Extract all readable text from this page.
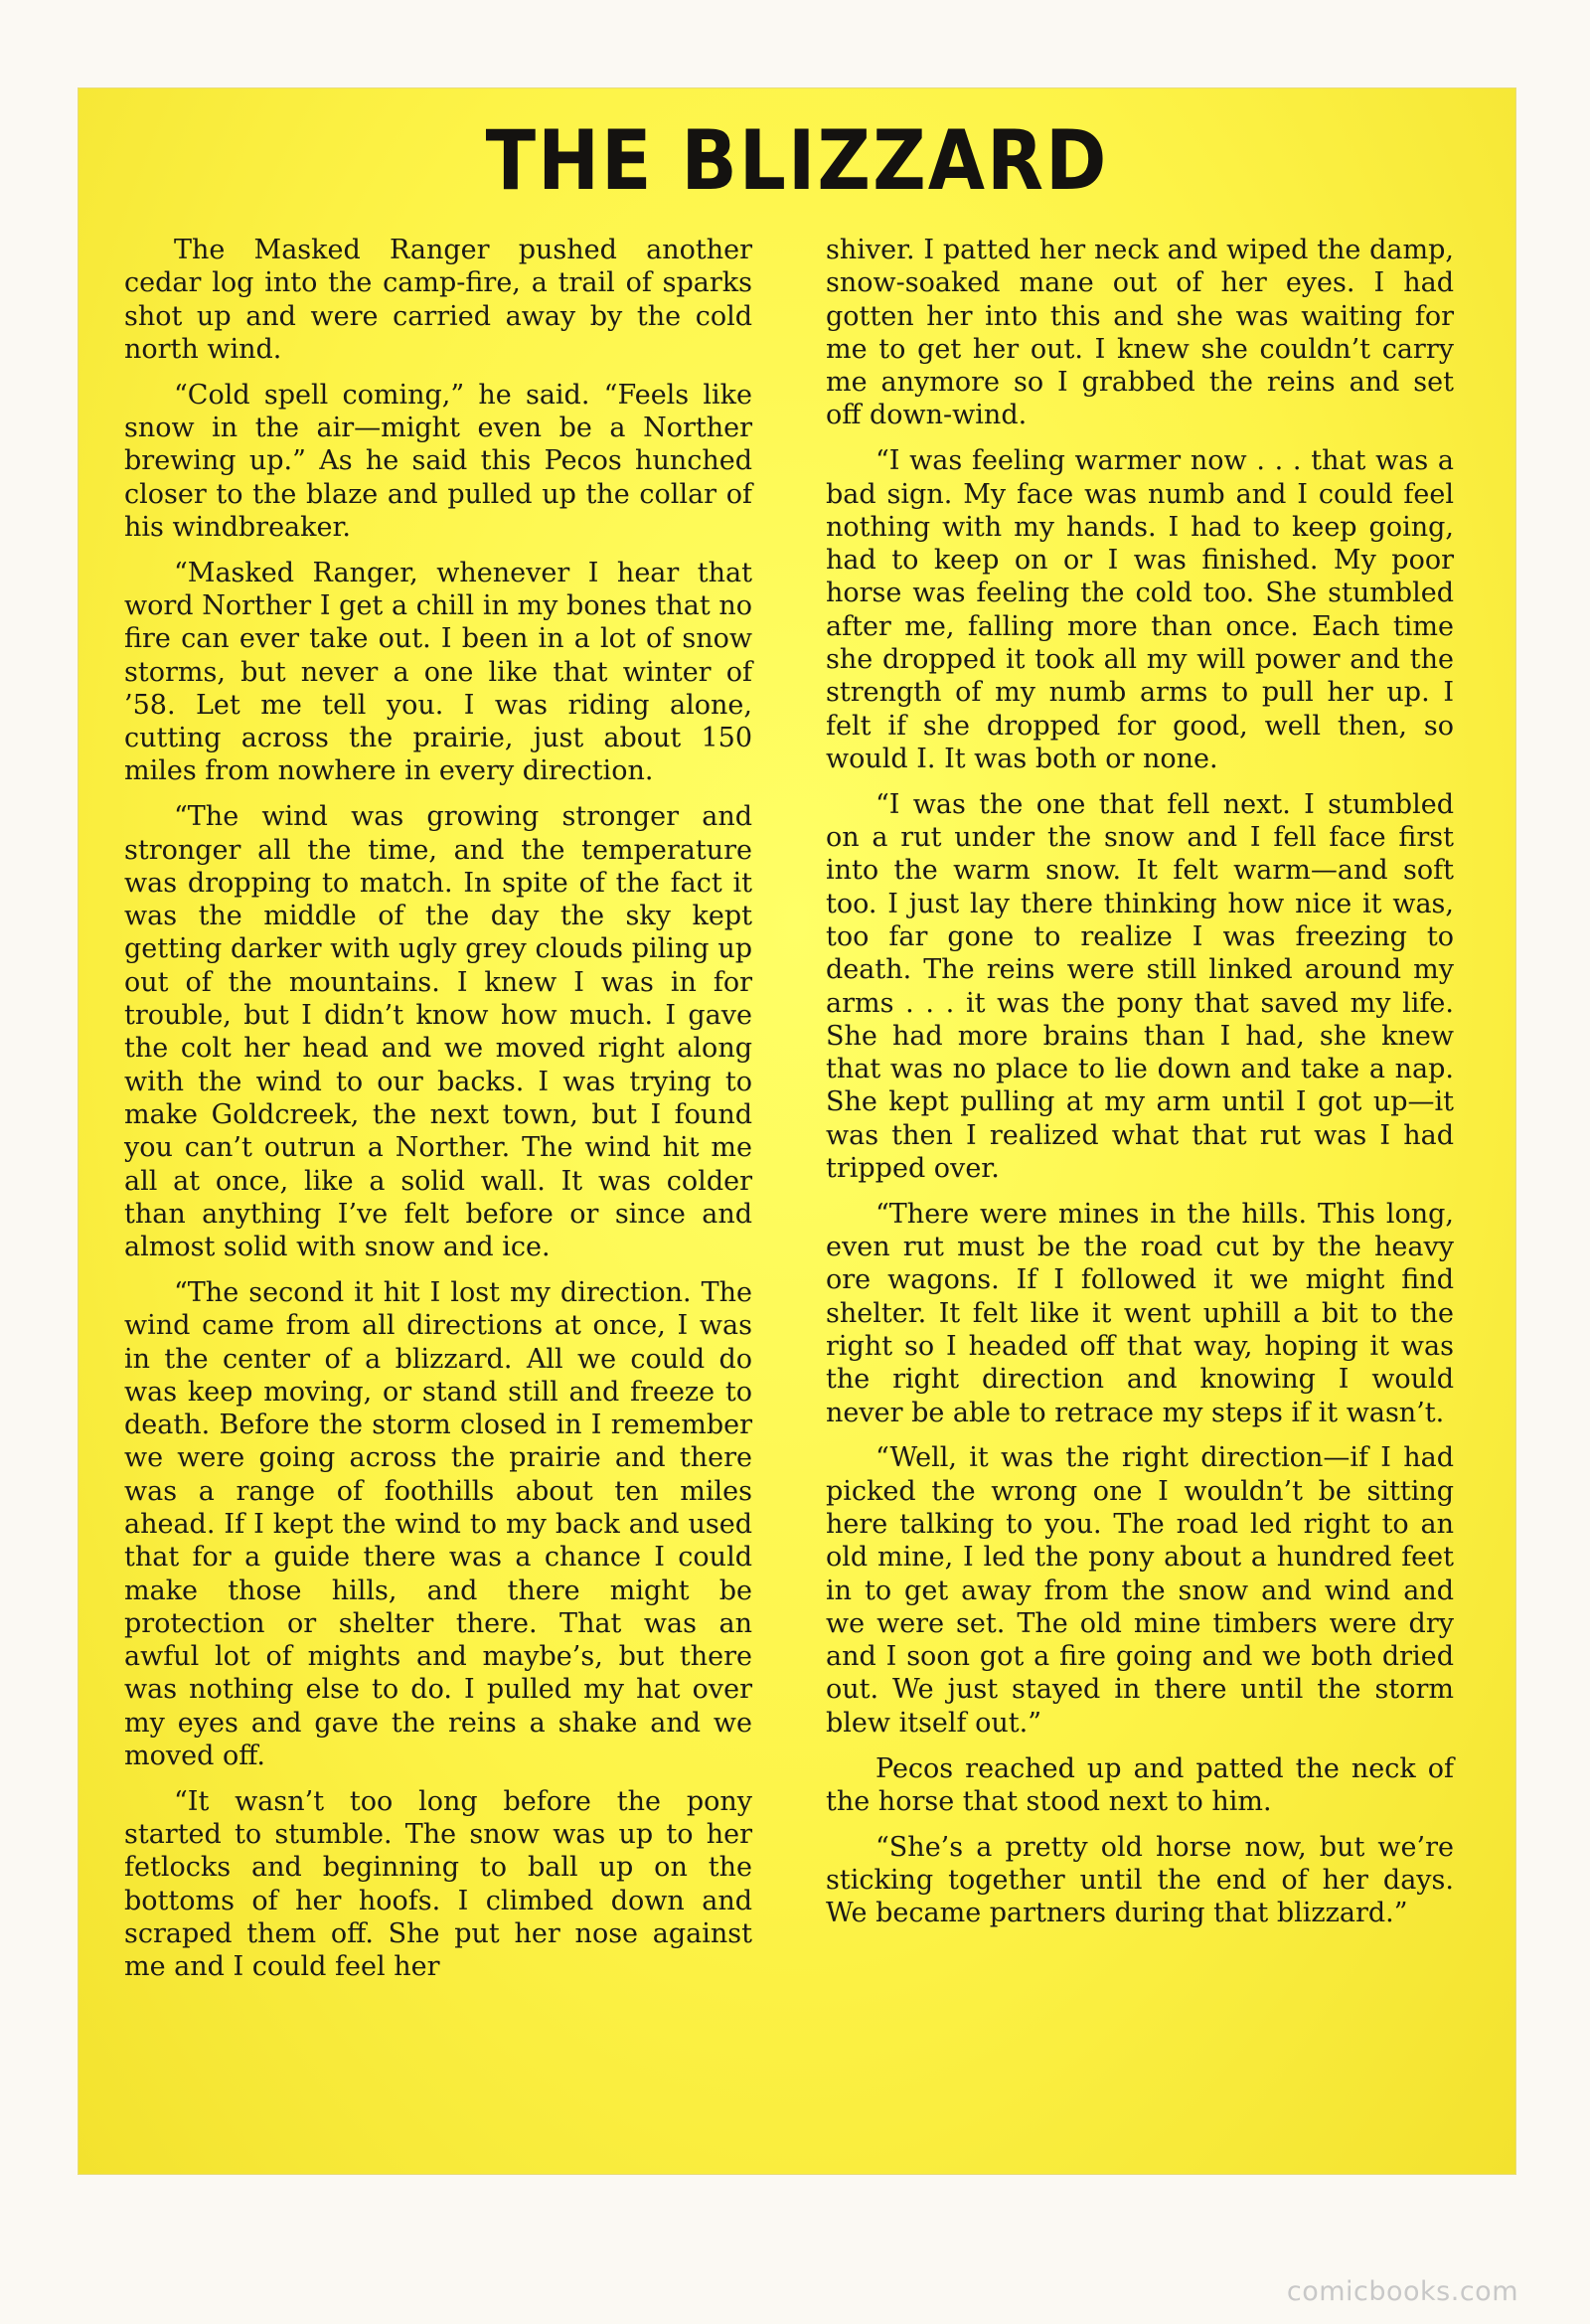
THE BLIZZARD

The Masked Ranger pushed another cedar log into the camp-fire, a trail of sparks shot up and were carried away by the cold north wind.

“Cold spell coming,” he said. “Feels like snow in the air—might even be a Norther brewing up.” As he said this Pecos hunched closer to the blaze and pulled up the collar of his windbreaker.

“Masked Ranger, whenever I hear that word Norther I get a chill in my bones that no fire can ever take out. I been in a lot of snow storms, but never a one like that winter of ’58. Let me tell you. I was riding alone, cutting across the prairie, just about 150 miles from nowhere in every direction.

“The wind was growing stronger and stronger all the time, and the temperature was dropping to match. In spite of the fact it was the middle of the day the sky kept getting darker with ugly grey clouds piling up out of the mountains. I knew I was in for trouble, but I didn’t know how much. I gave the colt her head and we moved right along with the wind to our backs. I was trying to make Goldcreek, the next town, but I found you can’t outrun a Norther. The wind hit me all at once, like a solid wall. It was colder than anything I’ve felt before or since and almost solid with snow and ice.

“The second it hit I lost my direction. The wind came from all directions at once, I was in the center of a blizzard. All we could do was keep moving, or stand still and freeze to death. Before the storm closed in I remember we were going across the prairie and there was a range of foothills about ten miles ahead. If I kept the wind to my back and used that for a guide there was a chance I could make those hills, and there might be protection or shelter there. That was an awful lot of mights and maybe’s, but there was nothing else to do. I pulled my hat over my eyes and gave the reins a shake and we moved off.

“It wasn’t too long before the pony started to stumble. The snow was up to her fetlocks and beginning to ball up on the bottoms of her hoofs. I climbed down and scraped them off. She put her nose against me and I could feel her

shiver. I patted her neck and wiped the damp, snow-soaked mane out of her eyes. I had gotten her into this and she was waiting for me to get her out. I knew she couldn’t carry me anymore so I grabbed the reins and set off down-wind.

“I was feeling warmer now . . . that was a bad sign. My face was numb and I could feel nothing with my hands. I had to keep going, had to keep on or I was finished. My poor horse was feeling the cold too. She stumbled after me, falling more than once. Each time she dropped it took all my will power and the strength of my numb arms to pull her up. I felt if she dropped for good, well then, so would I. It was both or none.

“I was the one that fell next. I stumbled on a rut under the snow and I fell face first into the warm snow. It felt warm—and soft too. I just lay there thinking how nice it was, too far gone to realize I was freezing to death. The reins were still linked around my arms . . . it was the pony that saved my life. She had more brains than I had, she knew that was no place to lie down and take a nap. She kept pulling at my arm until I got up—it was then I realized what that rut was I had tripped over.

“There were mines in the hills. This long, even rut must be the road cut by the heavy ore wagons. If I followed it we might find shelter. It felt like it went uphill a bit to the right so I headed off that way, hoping it was the right direction and knowing I would never be able to retrace my steps if it wasn’t.

“Well, it was the right direction—if I had picked the wrong one I wouldn’t be sitting here talking to you. The road led right to an old mine, I led the pony about a hundred feet in to get away from the snow and wind and we were set. The old mine timbers were dry and I soon got a fire going and we both dried out. We just stayed in there until the storm blew itself out.”

Pecos reached up and patted the neck of the horse that stood next to him.

“She’s a pretty old horse now, but we’re sticking together until the end of her days. We became partners during that blizzard.”

comicbooks.com
